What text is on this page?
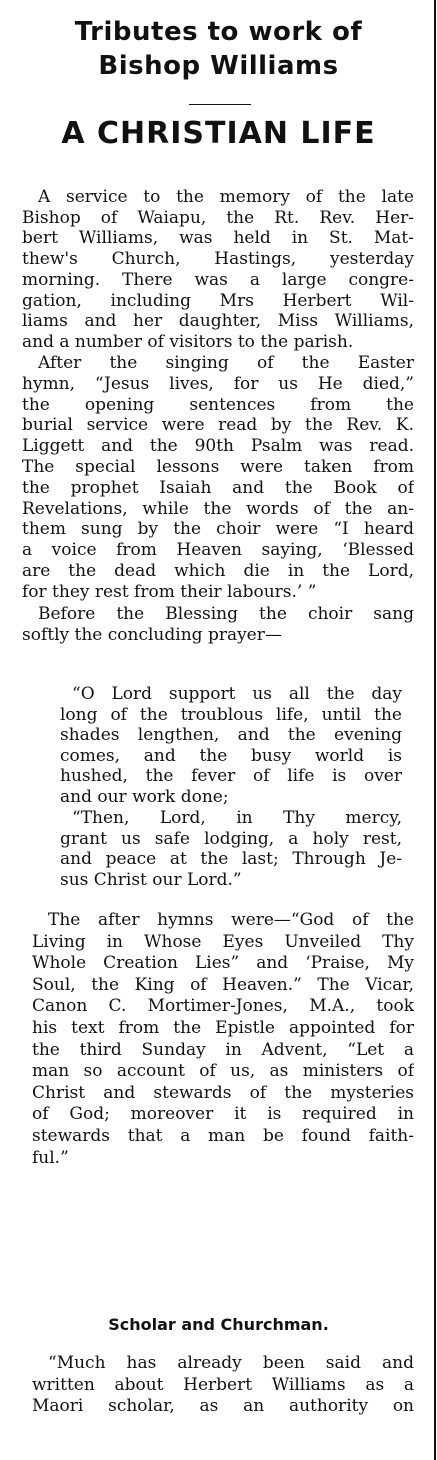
Tributes to work of
Bishop Williams
A CHRISTIAN LIFE
A service to the memory of the late
Bishop of Waiapu, the Rt. Rev. Her-
bert Williams, was held in St. Mat-
thew's Church, Hastings, yesterday
morning. There was a large congre-
gation, including Mrs Herbert Wil-
liams and her daughter, Miss Williams,
and a number of visitors to the parish.
After the singing of the Easter
hymn, “Jesus lives, for us He died,”
the opening sentences from the
burial service were read by the Rev. K.
Liggett and the 90th Psalm was read.
The special lessons were taken from
the prophet Isaiah and the Book of
Revelations, while the words of the an-
them sung by the choir were “I heard
a voice from Heaven saying, ‘Blessed
are the dead which die in the Lord,
for they rest from their labours.’ ”
Before the Blessing the choir sang
softly the concluding prayer—
“O Lord support us all the day
long of the troublous life, until the
shades lengthen, and the evening
comes, and the busy world is
hushed, the fever of life is over
and our work done;
“Then, Lord, in Thy mercy,
grant us safe lodging, a holy rest,
and peace at the last; Through Je-
sus Christ our Lord.”
The after hymns were—“God of the
Living in Whose Eyes Unveiled Thy
Whole Creation Lies” and ‘Praise, My
Soul, the King of Heaven.” The Vicar,
Canon C. Mortimer-Jones, M.A., took
his text from the Epistle appointed for
the third Sunday in Advent, “Let a
man so account of us, as ministers of
Christ and stewards of the mysteries
of God; moreover it is required in
stewards that a man be found faith-
ful.”
“Much has already been said and
written about Herbert Williams as a
Maori scholar, as an authority on
Scholar and Churchman.
